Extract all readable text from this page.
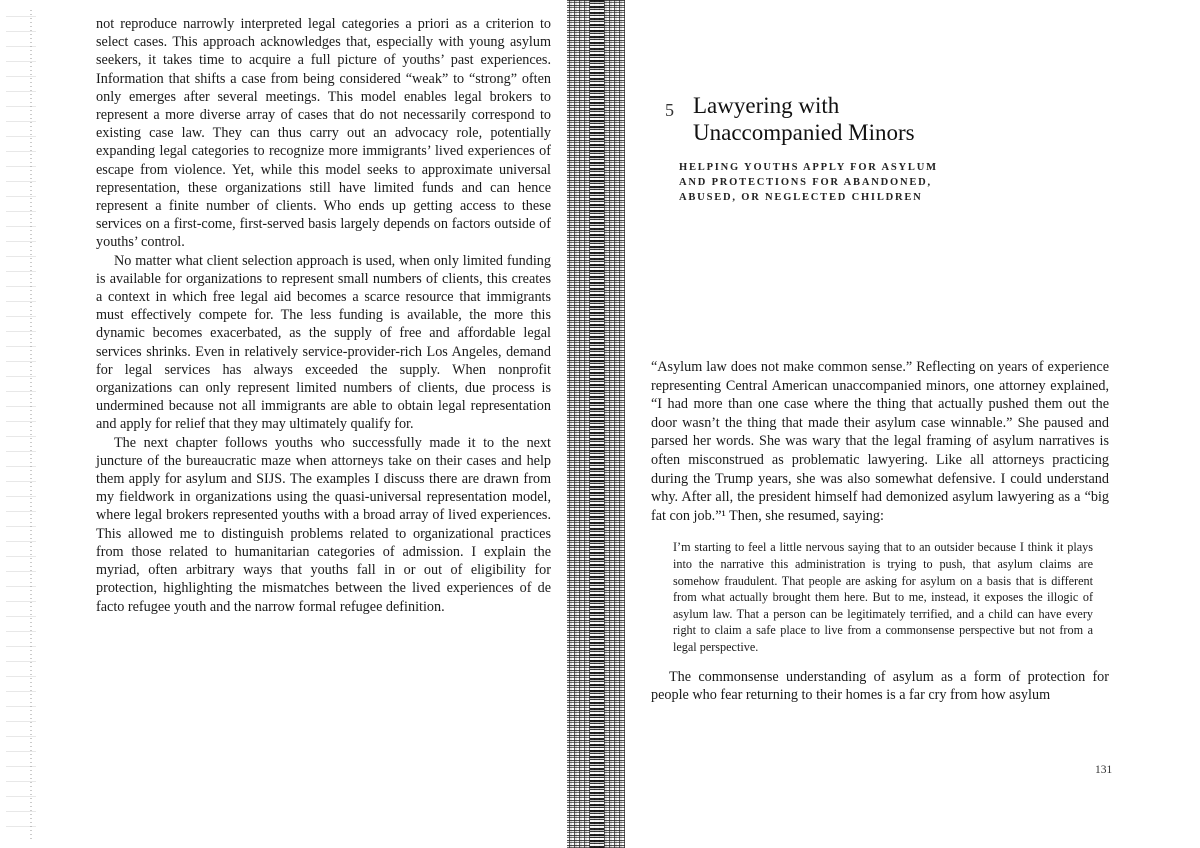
not reproduce narrowly interpreted legal categories a priori as a criterion to select cases. This approach acknowledges that, especially with young asylum seekers, it takes time to acquire a full picture of youths’ past experiences. Information that shifts a case from being considered “weak” to “strong” often only emerges after several meetings. This model enables legal brokers to represent a more diverse array of cases that do not necessarily correspond to existing case law. They can thus carry out an advocacy role, potentially expanding legal categories to recognize more immigrants’ lived experiences of escape from violence. Yet, while this model seeks to approximate universal representation, these organizations still have limited funds and can hence represent a finite number of clients. Who ends up getting access to these services on a first-come, first-served basis largely depends on factors outside of youths’ control.

No matter what client selection approach is used, when only limited funding is available for organizations to represent small numbers of clients, this creates a context in which free legal aid becomes a scarce resource that immigrants must effectively compete for. The less funding is available, the more this dynamic becomes exacerbated, as the supply of free and affordable legal services shrinks. Even in relatively service-provider-rich Los Angeles, demand for legal services has always exceeded the supply. When nonprofit organizations can only represent limited numbers of clients, due process is undermined because not all immigrants are able to obtain legal representation and apply for relief that they may ultimately qualify for.

The next chapter follows youths who successfully made it to the next juncture of the bureaucratic maze when attorneys take on their cases and help them apply for asylum and SIJS. The examples I discuss there are drawn from my fieldwork in organizations using the quasi-universal representation model, where legal brokers represented youths with a broad array of lived experiences. This allowed me to distinguish problems related to organizational practices from those related to humanitarian categories of admission. I explain the myriad, often arbitrary ways that youths fall in or out of eligibility for protection, highlighting the mismatches between the lived experiences of de facto refugee youth and the narrow formal refugee definition.

5 Lawyering with
Unaccompanied Minors
HELPING YOUTHS APPLY FOR ASYLUM
AND PROTECTIONS FOR ABANDONED,
ABUSED, OR NEGLECTED CHILDREN

“Asylum law does not make common sense.” Reflecting on years of experience representing Central American unaccompanied minors, one attorney explained, “I had more than one case where the thing that actually pushed them out the door wasn’t the thing that made their asylum case winnable.” She paused and parsed her words. She was wary that the legal framing of asylum narratives is often misconstrued as problematic lawyering. Like all attorneys practicing during the Trump years, she was also somewhat defensive. I could understand why. After all, the president himself had demonized asylum lawyering as a “big fat con job.”¹ Then, she resumed, saying:

I’m starting to feel a little nervous saying that to an outsider because I think it plays into the narrative this administration is trying to push, that asylum claims are somehow fraudulent. That people are asking for asylum on a basis that is different from what actually brought them here. But to me, instead, it exposes the illogic of asylum law. That a person can be legitimately terrified, and a child can have every right to claim a safe place to live from a commonsense perspective but not from a legal perspective.

The commonsense understanding of asylum as a form of protection for people who fear returning to their homes is a far cry from how asylum

131
